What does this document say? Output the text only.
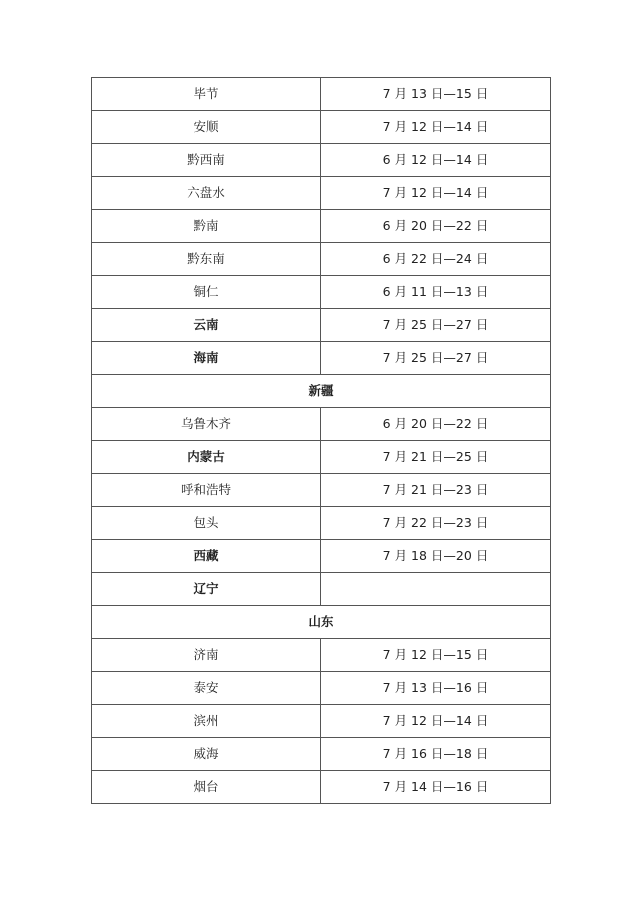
毕节	7 月 13 日—15 日
安顺	7 月 12 日—14 日
黔西南	6 月 12 日—14 日
六盘水	7 月 12 日—14 日
黔南	6 月 20 日—22 日
黔东南	6 月 22 日—24 日
铜仁	6 月 11 日—13 日
云南	7 月 25 日—27 日
海南	7 月 25 日—27 日
新疆	
乌鲁木齐	6 月 20 日—22 日
内蒙古	7 月 21 日—25 日
呼和浩特	7 月 21 日—23 日
包头	7 月 22 日—23 日
西藏	7 月 18 日—20 日
辽宁	
山东	
济南	7 月 12 日—15 日
泰安	7 月 13 日—16 日
滨州	7 月 12 日—14 日
威海	7 月 16 日—18 日
烟台	7 月 14 日—16 日
